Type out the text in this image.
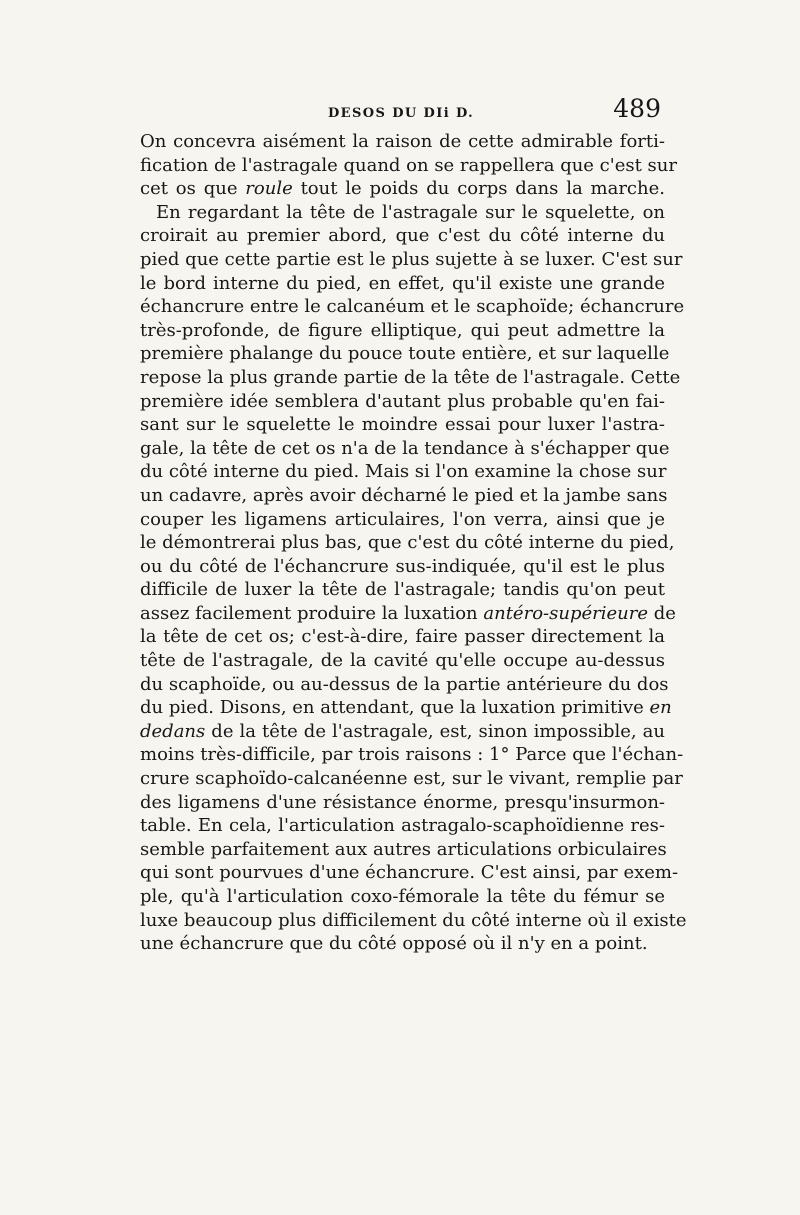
DESOS DU DIi D.	489
On concevra aisément la raison de cette admirable forti-
fication de l'astragale quand on se rappellera que c'est sur
cet os que roule tout le poids du corps dans la marche.
En regardant la tête de l'astragale sur le squelette, on
croirait au premier abord, que c'est du côté interne du
pied que cette partie est le plus sujette à se luxer. C'est sur
le bord interne du pied, en effet, qu'il existe une grande
échancrure entre le calcanéum et le scaphoïde; échancrure
très-profonde, de figure elliptique, qui peut admettre la
première phalange du pouce toute entière, et sur laquelle
repose la plus grande partie de la tête de l'astragale. Cette
première idée semblera d'autant plus probable qu'en fai-
sant sur le squelette le moindre essai pour luxer l'astra-
gale, la tête de cet os n'a de la tendance à s'échapper que
du côté interne du pied. Mais si l'on examine la chose sur
un cadavre, après avoir décharné le pied et la jambe sans
couper les ligamens articulaires, l'on verra, ainsi que je
le démontrerai plus bas, que c'est du côté interne du pied,
ou du côté de l'échancrure sus-indiquée, qu'il est le plus
difficile de luxer la tête de l'astragale; tandis qu'on peut
assez facilement produire la luxation antéro-supérieure de
la tête de cet os; c'est-à-dire, faire passer directement la
tête de l'astragale, de la cavité qu'elle occupe au-dessus
du scaphoïde, ou au-dessus de la partie antérieure du dos
du pied. Disons, en attendant, que la luxation primitive en
dedans de la tête de l'astragale, est, sinon impossible, au
moins très-difficile, par trois raisons : 1° Parce que l'échan-
crure scaphoïdo-calcanéenne est, sur le vivant, remplie par
des ligamens d'une résistance énorme, presqu'insurmon-
table. En cela, l'articulation astragalo-scaphoïdienne res-
semble parfaitement aux autres articulations orbiculaires
qui sont pourvues d'une échancrure. C'est ainsi, par exem-
ple, qu'à l'articulation coxo-fémorale la tête du fémur se
luxe beaucoup plus difficilement du côté interne où il existe
une échancrure que du côté opposé où il n'y en a point.
